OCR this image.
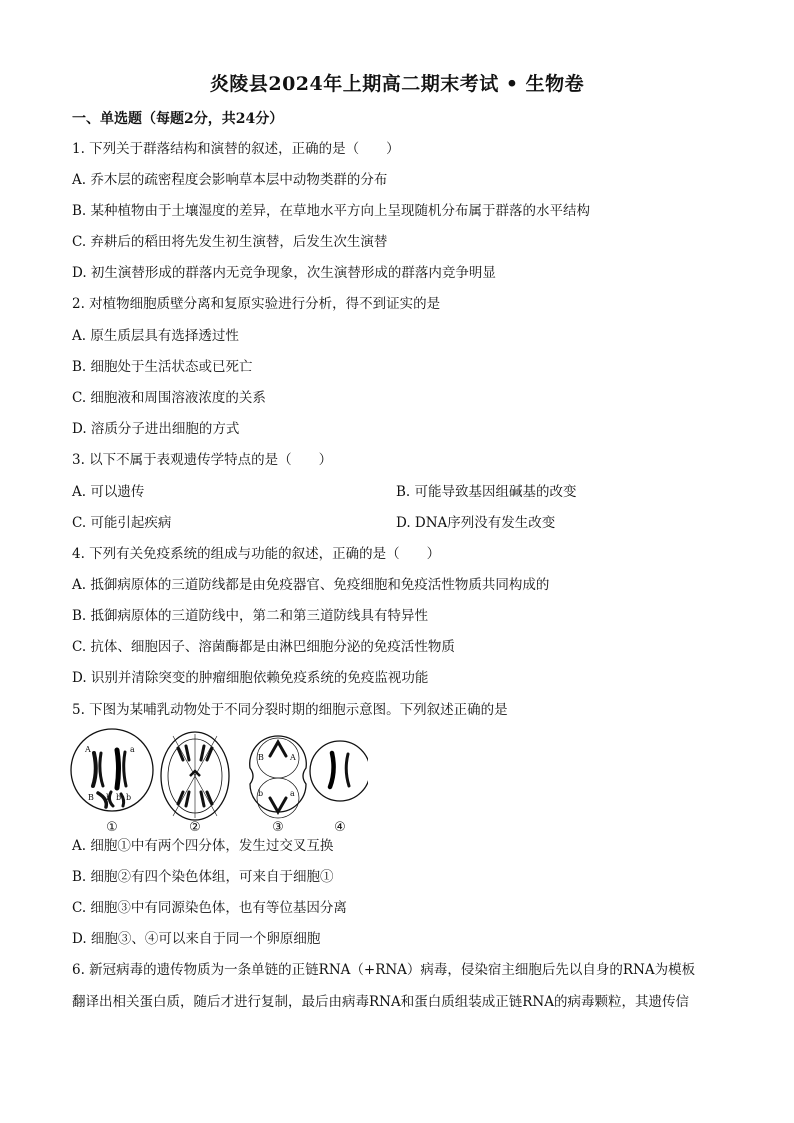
炎陵县2024年上期高二期末考试 • 生物卷
一、单选题（每题2分，共24分）
1. 下列关于群落结构和演替的叙述，正确的是（　　）
A. 乔木层的疏密程度会影响草本层中动物类群的分布
B. 某种植物由于土壤湿度的差异，在草地水平方向上呈现随机分布属于群落的水平结构
C. 弃耕后的稻田将先发生初生演替，后发生次生演替
D. 初生演替形成的群落内无竞争现象，次生演替形成的群落内竞争明显
2. 对植物细胞质壁分离和复原实验进行分析，得不到证实的是
A. 原生质层具有选择透过性
B. 细胞处于生活状态或已死亡
C. 细胞液和周围溶液浓度的关系
D. 溶质分子进出细胞的方式
3. 以下不属于表观遗传学特点的是（　　）
A. 可以遗传	B. 可能导致基因组碱基的改变
C. 可能引起疾病	D. DNA序列没有发生改变
4. 下列有关免疫系统的组成与功能的叙述，正确的是（　　）
A. 抵御病原体的三道防线都是由免疫器官、免疫细胞和免疫活性物质共同构成的
B. 抵御病原体的三道防线中，第二和第三道防线具有特异性
C. 抗体、细胞因子、溶菌酶都是由淋巴细胞分泌的免疫活性物质
D. 识别并清除突变的肿瘤细胞依赖免疫系统的免疫监视功能
5. 下图为某哺乳动物处于不同分裂时期的细胞示意图。下列叙述正确的是
A	a
B b b b
B	A
b	a
①	②	③	④
A. 细胞①中有两个四分体，发生过交叉互换
B. 细胞②有四个染色体组，可来自于细胞①
C. 细胞③中有同源染色体，也有等位基因分离
D. 细胞③、④可以来自于同一个卵原细胞
6. 新冠病毒的遗传物质为一条单链的正链RNA（+RNA）病毒，侵染宿主细胞后先以自身的RNA为模板
翻译出相关蛋白质，随后才进行复制，最后由病毒RNA和蛋白质组装成正链RNA的病毒颗粒，其遗传信
